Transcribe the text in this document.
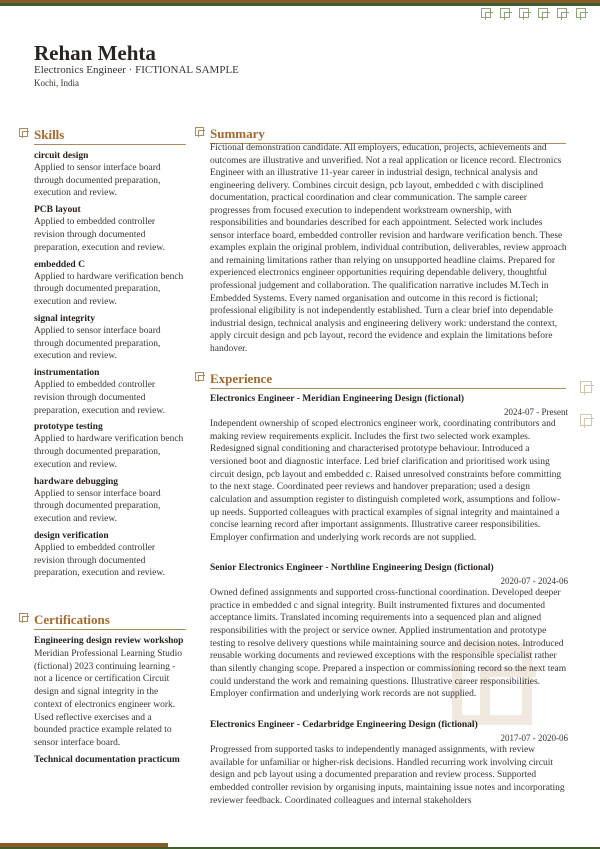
Rehan Mehta
Electronics Engineer · FICTIONAL SAMPLE
Kochi, India
Skills

circuit design

Applied to sensor interface board through documented preparation, execution and review.

PCB layout

Applied to embedded controller revision through documented preparation, execution and review.

embedded C

Applied to hardware verification bench through documented preparation, execution and review.

signal integrity

Applied to sensor interface board through documented preparation, execution and review.

instrumentation

Applied to embedded controller revision through documented preparation, execution and review.

prototype testing

Applied to hardware verification bench through documented preparation, execution and review.

hardware debugging

Applied to sensor interface board through documented preparation, execution and review.

design verification

Applied to embedded controller revision through documented preparation, execution and review.

Certifications

Engineering design review workshop

Meridian Professional Learning Studio (fictional) 2023 continuing learning - not a licence or certification Circuit design and signal integrity in the context of electronics engineer work. Used reflective exercises and a bounded practice example related to sensor interface board.

Technical documentation practicum

Summary

Fictional demonstration candidate. All employers, education, projects, achievements and outcomes are illustrative and unverified. Not a real application or licence record. Electronics Engineer with an illustrative 11-year career in industrial design, technical analysis and engineering delivery. Combines circuit design, pcb layout, embedded c with disciplined documentation, practical coordination and clear communication. The sample career progresses from focused execution to independent workstream ownership, with responsibilities and boundaries described for each appointment. Selected work includes sensor interface board, embedded controller revision and hardware verification bench. These examples explain the original problem, individual contribution, deliverables, review approach and remaining limitations rather than relying on unsupported headline claims. Prepared for experienced electronics engineer opportunities requiring dependable delivery, thoughtful professional judgement and collaboration. The qualification narrative includes M.Tech in Embedded Systems. Every named organisation and outcome in this record is fictional; professional eligibility is not independently established. Turn a clear brief into dependable industrial design, technical analysis and engineering delivery work: understand the context, apply circuit design and pcb layout, record the evidence and explain the limitations before handover.

Experience

Electronics Engineer - Meridian Engineering Design (fictional)

2024-07 - Present

Independent ownership of scoped electronics engineer work, coordinating contributors and making review requirements explicit. Includes the first two selected work examples. Redesigned signal conditioning and characterised prototype behaviour. Introduced a versioned boot and diagnostic interface. Led brief clarification and prioritised work using circuit design, pcb layout and embedded c. Raised unresolved constraints before committing to the next stage. Coordinated peer reviews and handover preparation; used a design calculation and assumption register to distinguish completed work, assumptions and follow-up needs. Supported colleagues with practical examples of signal integrity and maintained a concise learning record after important assignments. Illustrative career responsibilities. Employer confirmation and underlying work records are not supplied.

Senior Electronics Engineer - Northline Engineering Design (fictional)

2020-07 - 2024-06

Owned defined assignments and supported cross-functional coordination. Developed deeper practice in embedded c and signal integrity. Built instrumented fixtures and documented acceptance limits. Translated incoming requirements into a sequenced plan and aligned responsibilities with the project or service owner. Applied instrumentation and prototype testing to resolve delivery questions while maintaining source and decision notes. Introduced reusable working documents and reviewed exceptions with the responsible specialist rather than silently changing scope. Prepared a inspection or commissioning record so the next team could understand the work and remaining questions. Illustrative career responsibilities. Employer confirmation and underlying work records are not supplied.

Electronics Engineer - Cedarbridge Engineering Design (fictional)

2017-07 - 2020-06

Progressed from supported tasks to independently managed assignments, with review available for unfamiliar or higher-risk decisions. Handled recurring work involving circuit design and pcb layout using a documented preparation and review process. Supported embedded controller revision by organising inputs, maintaining issue notes and incorporating reviewer feedback. Coordinated colleagues and internal stakeholders
